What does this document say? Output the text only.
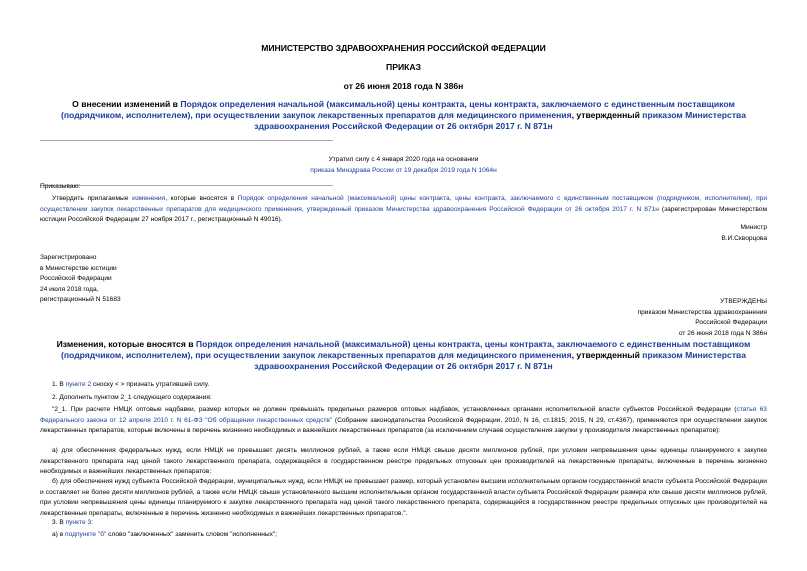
МИНИСТЕРСТВО ЗДРАВООХРАНЕНИЯ РОССИЙСКОЙ ФЕДЕРАЦИИ
ПРИКАЗ
от 26 июня 2018 года N 386н
О внесении изменений в Порядок определения начальной (максимальной) цены контракта, цены контракта, заключаемого с единственным поставщиком (подрядчиком, исполнителем), при осуществлении закупок лекарственных препаратов для медицинского применения, утвержденный приказом Министерства здравоохранения Российской Федерации от 26 октября 2017 г. N 871н
Утратил силу с 4 января 2020 года на основании
приказа Минздрава России от 19 декабря 2019 года N 1064н
Приказываю:
Утвердить прилагаемые изменения, которые вносятся в Порядок определения начальной (максимальной) цены контракта, цены контракта, заключаемого с единственным поставщиком (подрядчиком, исполнителем), при осуществлении закупок лекарственных препаратов для медицинского применения, утвержденный приказом Министерства здравоохранения Российской Федерации от 26 октября 2017 г. N 871н (зарегистрирован Министерством юстиции Российской Федерации 27 ноября 2017 г., регистрационный N 49016).
Министр
В.И.Скворцова
Зарегистрировано
в Министерстве юстиции
Российской Федерации
24 июля 2018 года,
регистрационный N 51683	УТВЕРЖДЕНЫ
приказом Министерства здравоохранения
Российской Федерации
от 26 июня 2018 года N 386н
Изменения, которые вносятся в Порядок определения начальной (максимальной) цены контракта, цены контракта, заключаемого с единственным поставщиком (подрядчиком, исполнителем), при осуществлении закупок лекарственных препаратов для медицинского применения, утвержденный приказом Министерства здравоохранения Российской Федерации от 26 октября 2017 г. N 871н
1. В пункте 2 сноску < > признать утратившей силу.
2. Дополнить пунктом 2_1 следующего содержания:
"2_1. При расчете НМЦК оптовые надбавки, размер которых не должен превышать предельных размеров оптовых надбавок, установленных органами исполнительной власти субъектов Российской Федерации (статья 63 Федерального закона от 12 апреля 2010 г. N 61-ФЗ "Об обращении лекарственных средств" (Собрание законодательства Российской Федерации, 2010, N 16, ст.1815; 2015, N 29, ст.4367), применяются при осуществлении закупок лекарственных препаратов, которые включены в перечень жизненно необходимых и важнейших лекарственных препаратов (за исключением случаев осуществления закупки у производителя лекарственных препаратов):
а) для обеспечения федеральных нужд, если НМЦК не превышает десять миллионов рублей, а также если НМЦК свыше десяти миллионов рублей, при условии непревышения цены единицы планируемого к закупке лекарственного препарата над ценой такого лекарственного препарата, содержащейся в государственном реестре предельных отпускных цен производителей на лекарственные препараты, включенные в перечень жизненно необходимых и важнейших лекарственных препаратов;
б) для обеспечения нужд субъекта Российской Федерации, муниципальных нужд, если НМЦК не превышает размер, который установлен высшим исполнительным органом государственной власти субъекта Российской Федерации и составляет не более десяти миллионов рублей, а также если НМЦК свыше установленного высшим исполнительным органом государственной власти субъекта Российской Федерации размера или свыше десяти миллионов рублей, при условии непревышения цены единицы планируемого к закупке лекарственного препарата над ценой такого лекарственного препарата, содержащейся в государственном реестре предельных отпускных цен производителей на лекарственные препараты, включенные в перечень жизненно необходимых и важнейших лекарственных препаратов.".
3. В пункте 3:
а) в подпункте "б" слово "заключенных" заменить словом "исполненных";
